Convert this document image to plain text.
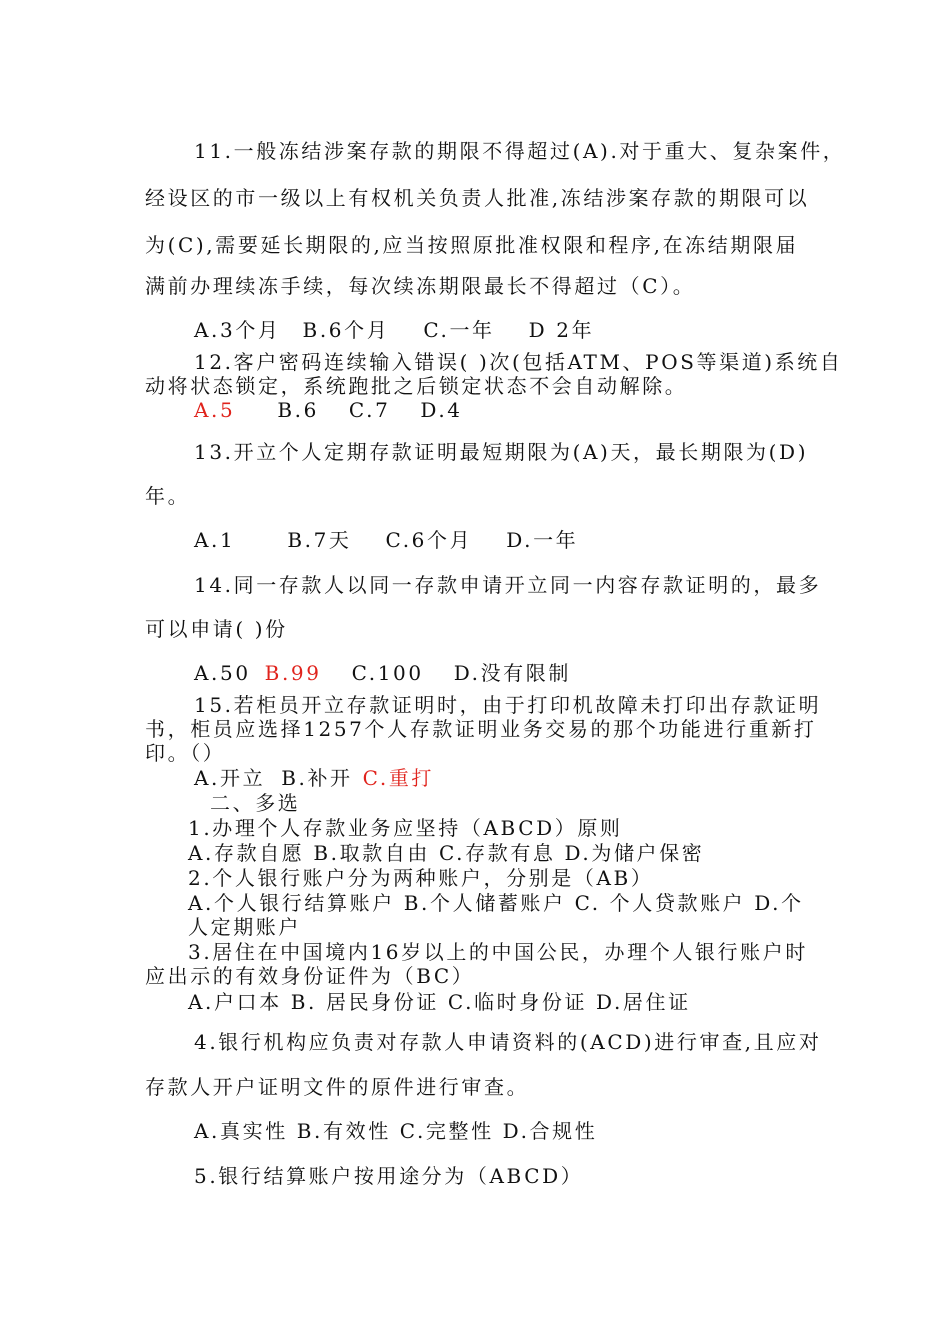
11.一般冻结涉案存款的期限不得超过(A).对于重大、复杂案件，
经设区的市一级以上有权机关负责人批准,冻结涉案存款的期限可以
为(C),需要延长期限的,应当按照原批准权限和程序,在冻结期限届
满前办理续冻手续，每次续冻期限最长不得超过（C）。
A.3个月 B.6个月 C.一年 D 2年
12.客户密码连续输入错误( )次(包括ATM、POS等渠道)系统自
动将状态锁定，系统跑批之后锁定状态不会自动解除。
A.5 B.6 C.7 D.4
13.开立个人定期存款证明最短期限为(A)天，最长期限为(D)
年。
A.1	B.7天 C.6个月 D.一年
14.同一存款人以同一存款申请开立同一内容存款证明的，最多
可以申请( )份
A.50 B.99 C.100 D.没有限制
15.若柜员开立存款证明时，由于打印机故障未打印出存款证明
书，柜员应选择1257个人存款证明业务交易的那个功能进行重新打
印。（）
A.开立 B.补开 C.重打
二、多选
1.办理个人存款业务应坚持（ABCD）原则
A.存款自愿 B.取款自由 C.存款有息 D.为储户保密
2.个人银行账户分为两种账户，分别是（AB）
A.个人银行结算账户 B.个人储蓄账户 C. 个人贷款账户 D.个
人定期账户
3.居住在中国境内16岁以上的中国公民，办理个人银行账户时
应出示的有效身份证件为（BC）
A.户口本 B. 居民身份证 C.临时身份证 D.居住证
4.银行机构应负责对存款人申请资料的(ACD)进行审查,且应对
存款人开户证明文件的原件进行审查。
A.真实性 B.有效性 C.完整性 D.合规性
5.银行结算账户按用途分为（ABCD）
